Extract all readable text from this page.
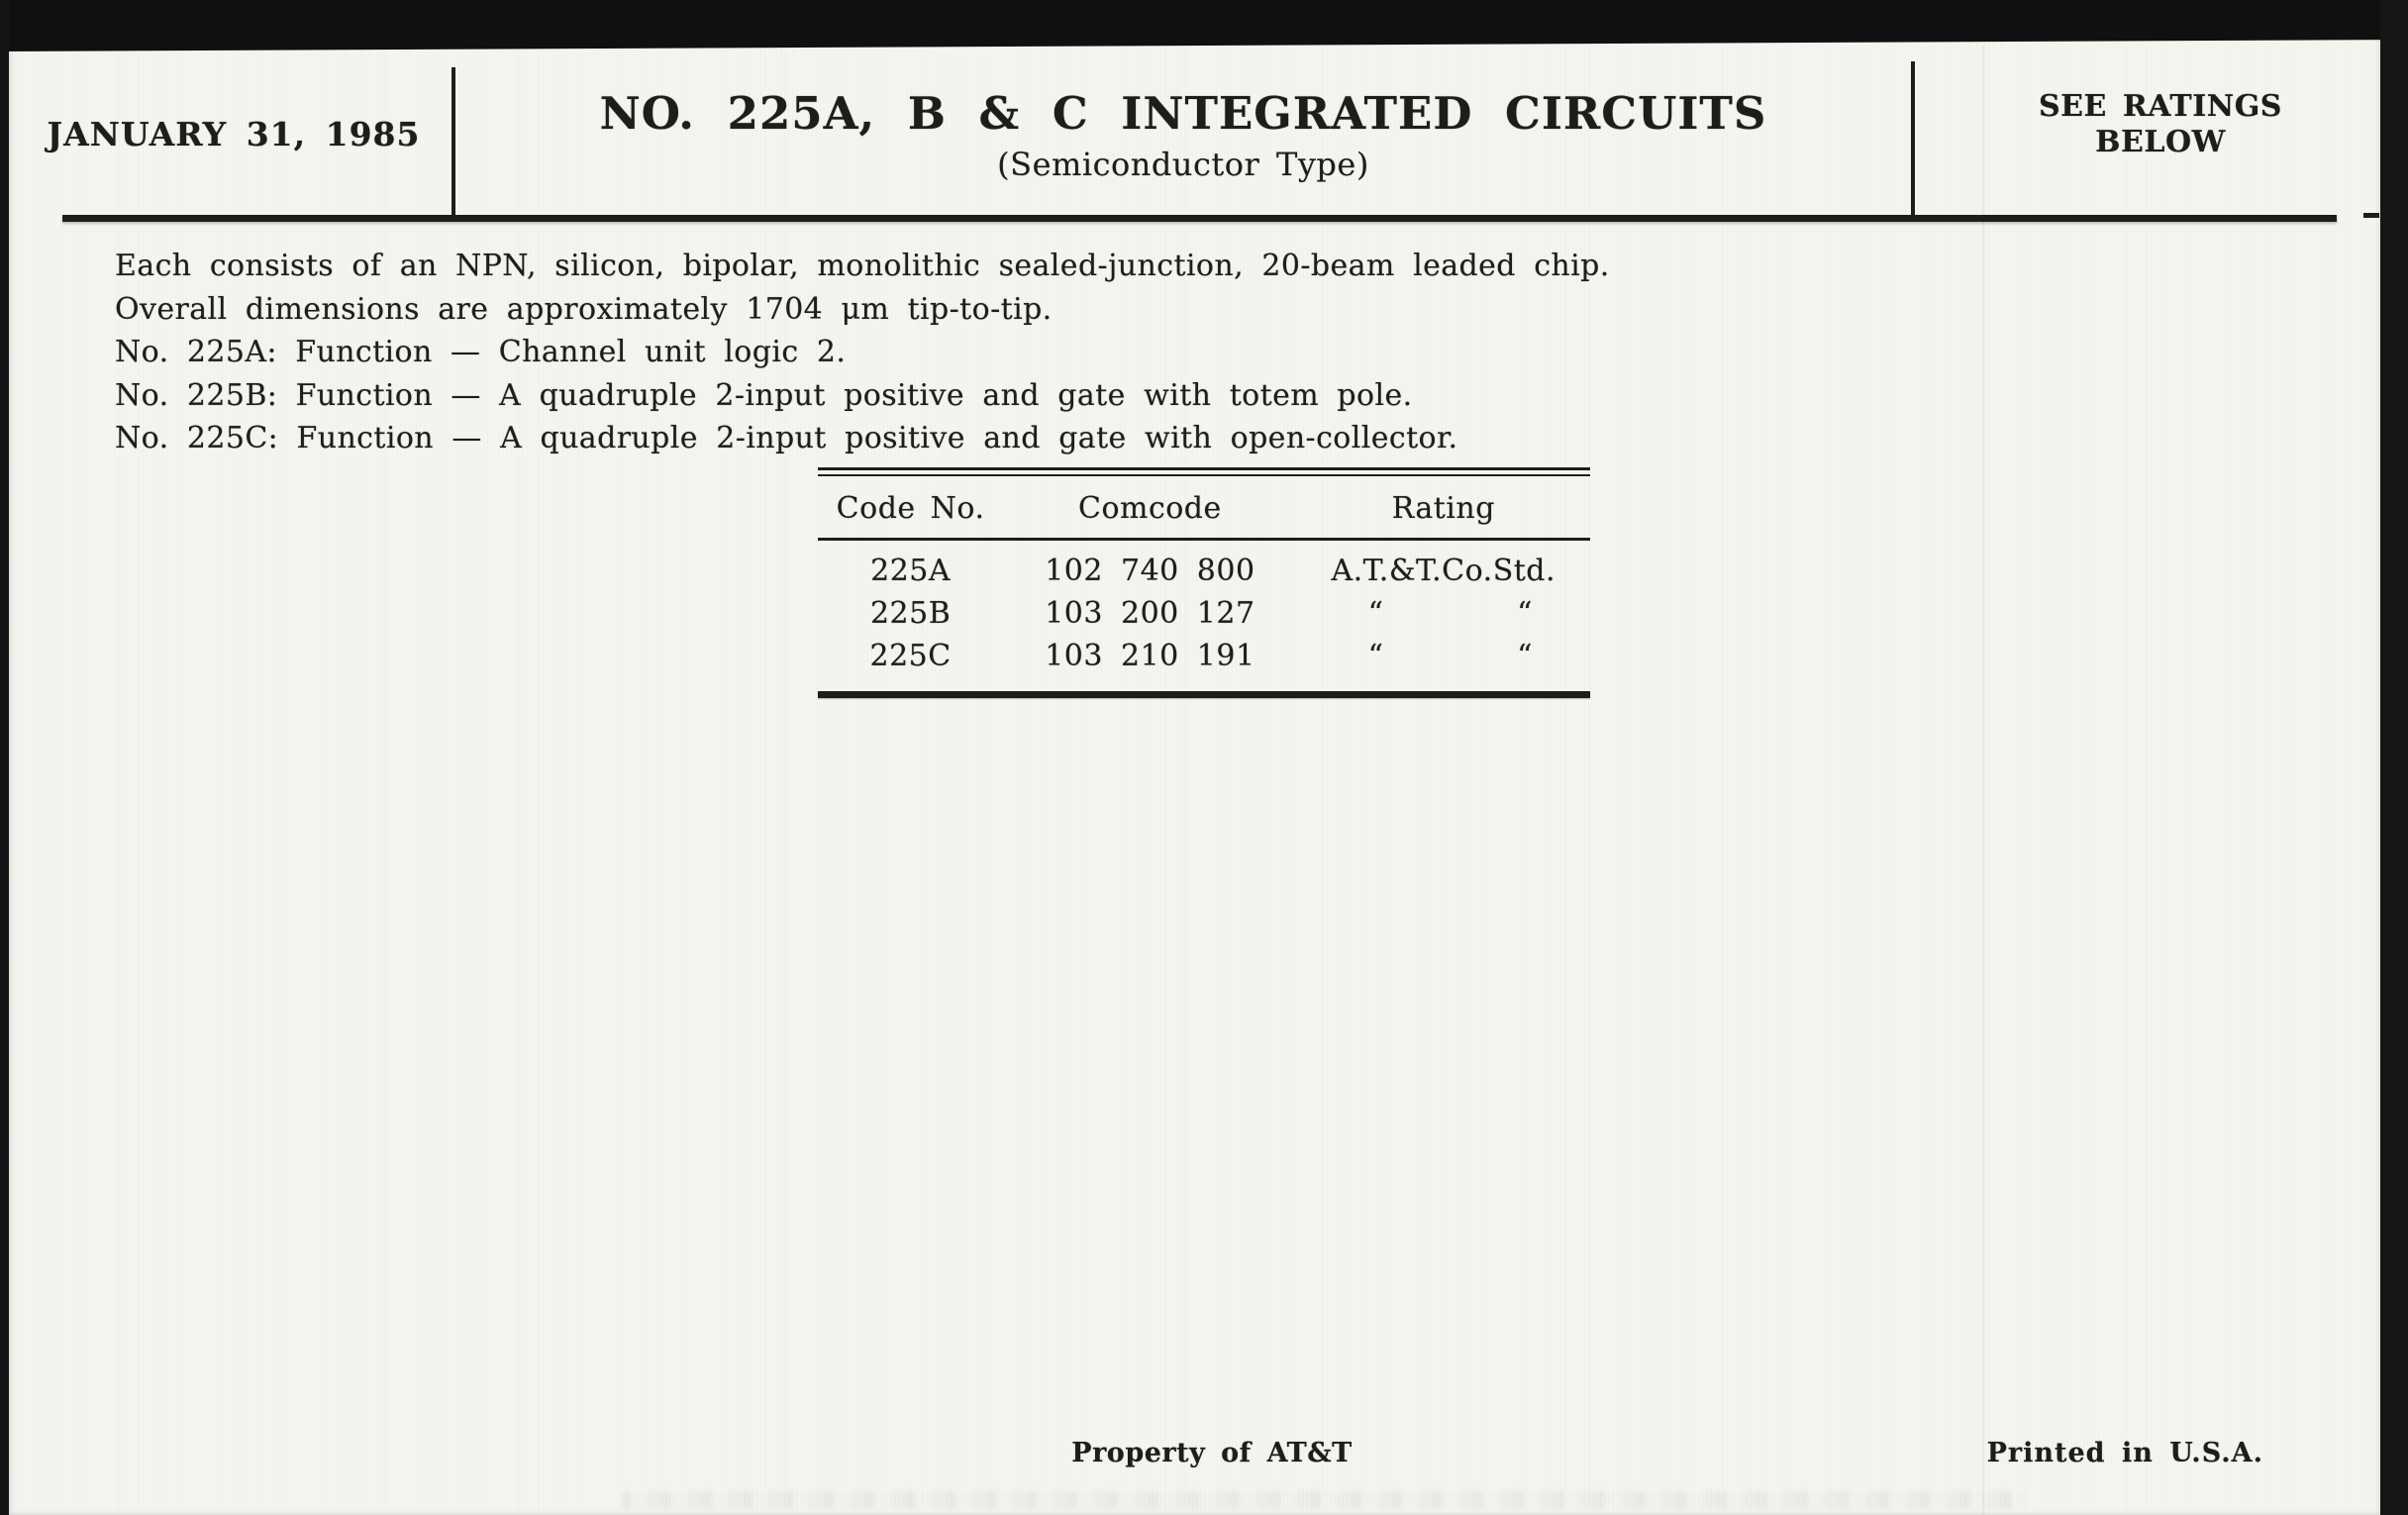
JANUARY 31, 1985	NO. 225A, B & C INTEGRATED CIRCUITS
(Semiconductor Type)
SEE RATINGS
BELOW
Each consists of an NPN, silicon, bipolar, monolithic sealed-junction, 20-beam leaded chip.
Overall dimensions are approximately 1704 μm tip-to-tip.
No. 225A: Function — Channel unit logic 2.
No. 225B: Function — A quadruple 2-input positive and gate with totem pole.
No. 225C: Function — A quadruple 2-input positive and gate with open-collector.
Code No.	Comcode	Rating
225A	102 740 800	A.T.&T.Co.Std.
225B	103 200 127	“	“
225C	103 210 191	“	“
Property of AT&T	Printed in U.S.A.
